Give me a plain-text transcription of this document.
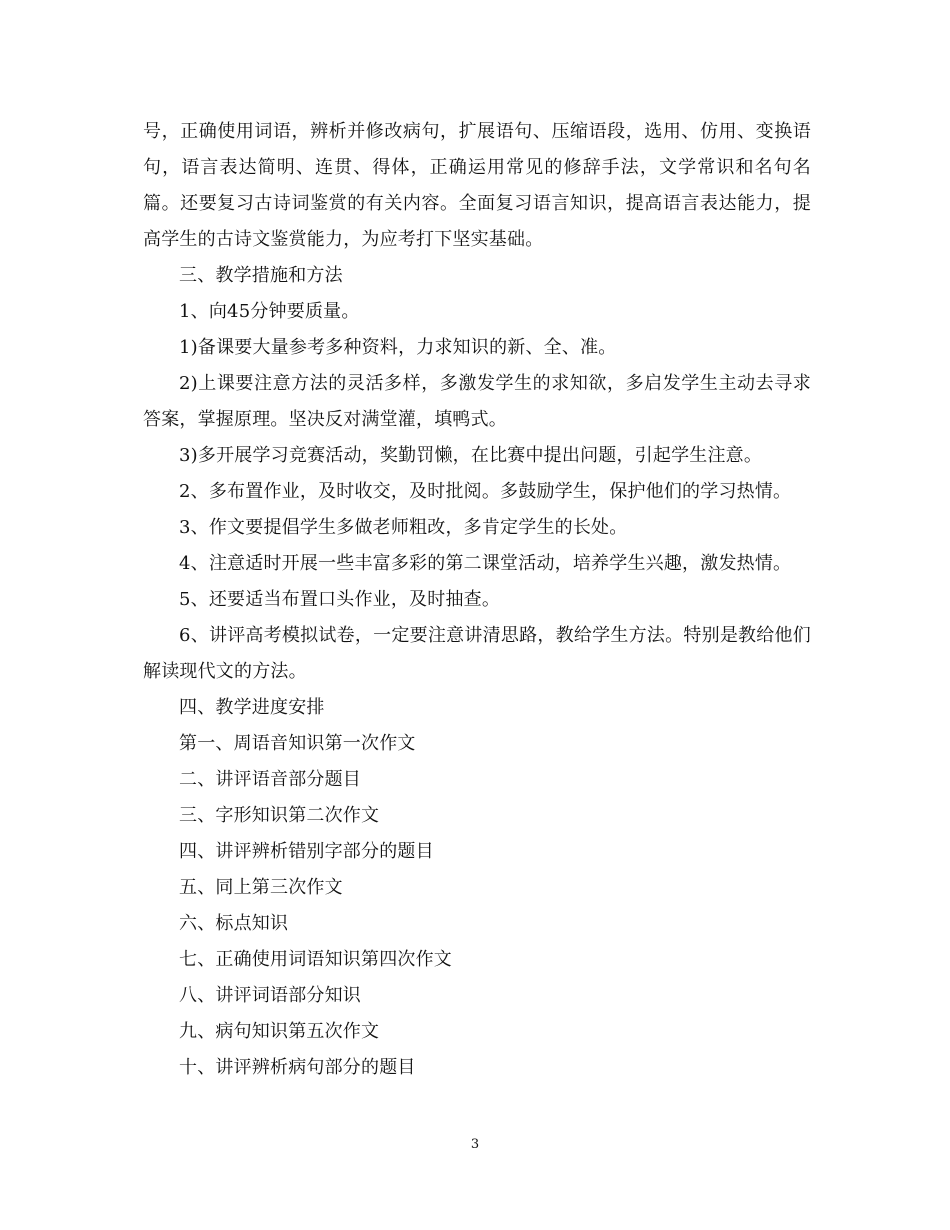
号，正确使用词语，辨析并修改病句，扩展语句、压缩语段，选用、仿用、变换语句，语言表达简明、连贯、得体，正确运用常见的修辞手法，文学常识和名句名篇。还要复习古诗词鉴赏的有关内容。全面复习语言知识，提高语言表达能力，提高学生的古诗文鉴赏能力，为应考打下坚实基础。

三、教学措施和方法

1、向45分钟要质量。

1)备课要大量参考多种资料，力求知识的新、全、准。

2)上课要注意方法的灵活多样，多激发学生的求知欲，多启发学生主动去寻求答案，掌握原理。坚决反对满堂灌，填鸭式。

3)多开展学习竞赛活动，奖勤罚懒，在比赛中提出问题，引起学生注意。

2、多布置作业，及时收交，及时批阅。多鼓励学生，保护他们的学习热情。

3、作文要提倡学生多做老师粗改，多肯定学生的长处。

4、注意适时开展一些丰富多彩的第二课堂活动，培养学生兴趣，激发热情。

5、还要适当布置口头作业，及时抽查。

6、讲评高考模拟试卷，一定要注意讲清思路，教给学生方法。特别是教给他们解读现代文的方法。

四、教学进度安排

第一、周语音知识第一次作文

二、讲评语音部分题目

三、字形知识第二次作文

四、讲评辨析错别字部分的题目

五、同上第三次作文

六、标点知识

七、正确使用词语知识第四次作文

八、讲评词语部分知识

九、病句知识第五次作文

十、讲评辨析病句部分的题目

3
